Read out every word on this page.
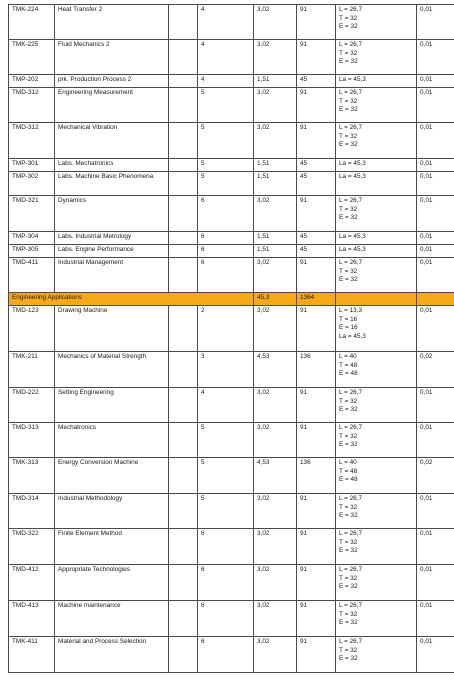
TMK-224	Heat Transfer 2		4	3,02	91	L = 26,7
T = 32
E = 32	0,01
TMK-225	Fluid Mechanics 2		4	3,02	91	L = 26,7
T = 32
E = 32	0,01
TMP-202	prk. Production Process 2		4	1,51	45	La = 45,3	0,01
TMD-312	Engineering Measurement		5	3,02	91	L = 26,7
T = 32
E = 32	0,01
TMD-312	Mechanical Vibration		5	3,02	91	L = 26,7
T = 32
E = 32	0,01
TMP-301	Labs. Mechatronics		5	1,51	45	La = 45,3	0,01
TMP-302	Labs. Machine Basic Phenomena		5	1,51	45	La = 45,3	0,01
TMD-321	Dynamics		6	3,02	91	L = 26,7
T = 32
E = 32	0,01
TMP-304	Labs. Industrial Metrology		6	1,51	45	La = 45,3	0,01
TMP-305	Labs. Engine Performance		6	1,51	45	La = 45,3	0,01
TMD-411	Industrial Management		6	3,02	91	L = 26,7
T = 32
E = 32	0,01
Engineering Applications				45,3	1364		
TMD-123	Drawing Machine		2	3,02	91	L = 13,3
T = 16
E = 16
La = 45,3	0,01
TMK-211	Mechanics of Material Strength		3	4,53	136	L = 40
T = 48
E = 48	0,02
TMD-222	Setting Engineering		4	3,02	91	L = 26,7
T = 32
E = 32	0,01
TMD-313	Mechatronics		5	3,02	91	L = 26,7
T = 32
E = 32	0,01
TMK-313	Energy Conversion Machine		5	4,53	136	L = 40
T = 48
E = 48	0,02
TMD-314	Industrial Methodology		5	3,02	91	L = 26,7
T = 32
E = 32	0,01
TMD-322	Finite Element Method		6	3,02	91	L = 26,7
T = 32
E = 32	0,01
TMD-412	Appropriate Technologies		6	3,02	91	L = 26,7
T = 32
E = 32	0,01
TMD-413	Machine maintenance		6	3,02	91	L = 26,7
T = 32
E = 32	0,01
TMK-411	Material and Process Selection		6	3,02	91	L = 26,7
T = 32
E = 32	0,01
